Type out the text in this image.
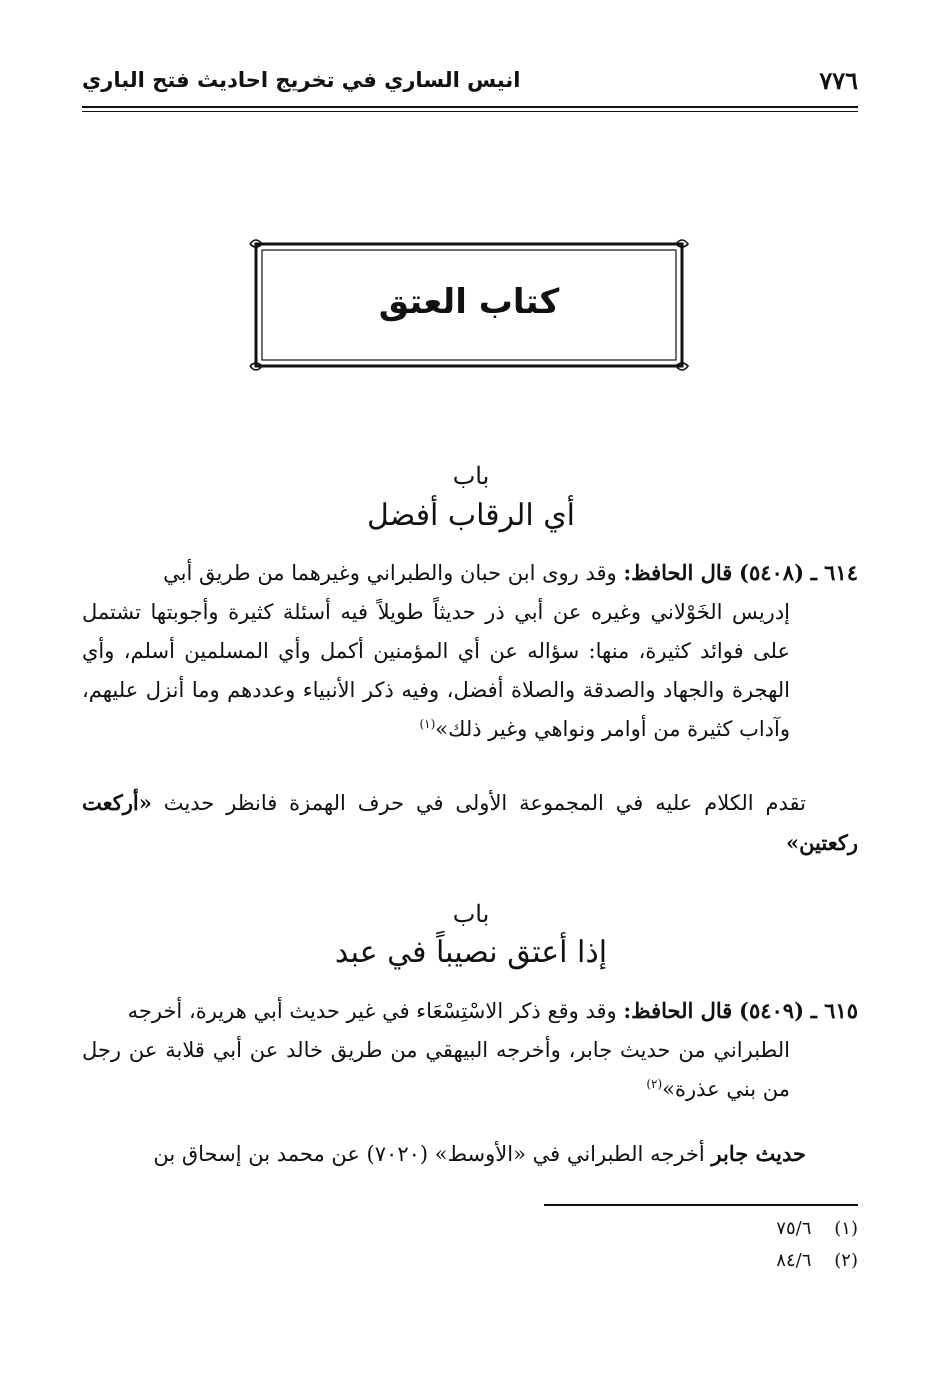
٧٧٦
انيس الساري في تخريج احاديث فتح الباري
كتاب العتق
باب
أي الرقاب أفضل
٦١٤ ـ (٥٤٠٨) قال الحافظ: وقد روى ابن حبان والطبراني وغيرهما من طريق أبي
إدريس الخَوْلاني وغيره عن أبي ذر حديثاً طويلاً فيه أسئلة كثيرة وأجوبتها تشتمل على فوائد كثيرة، منها: سؤاله عن أي المؤمنين أكمل وأي المسلمين أسلم، وأي الهجرة والجهاد والصدقة والصلاة أفضل، وفيه ذكر الأنبياء وعددهم وما أنزل عليهم، وآداب كثيرة من أوامر ونواهي وغير ذلك»$^{(١)}$
تقدم الكلام عليه في المجموعة الأولى في حرف الهمزة فانظر حديث «أركعت ركعتين»
باب
إذا أعتق نصيباً في عبد
٦١٥ ـ (٥٤٠٩) قال الحافظ: وقد وقع ذكر الاسْتِسْعَاء في غير حديث أبي هريرة، أخرجه
الطبراني من حديث جابر، وأخرجه البيهقي من طريق خالد عن أبي قلابة عن رجل من بني عذرة»$^{(٢)}$
حديث جابر أخرجه الطبراني في «الأوسط» (٧٠٢٠) عن محمد بن إسحاق بن
(١)    ٧٥/٦
(٢)    ٨٤/٦
